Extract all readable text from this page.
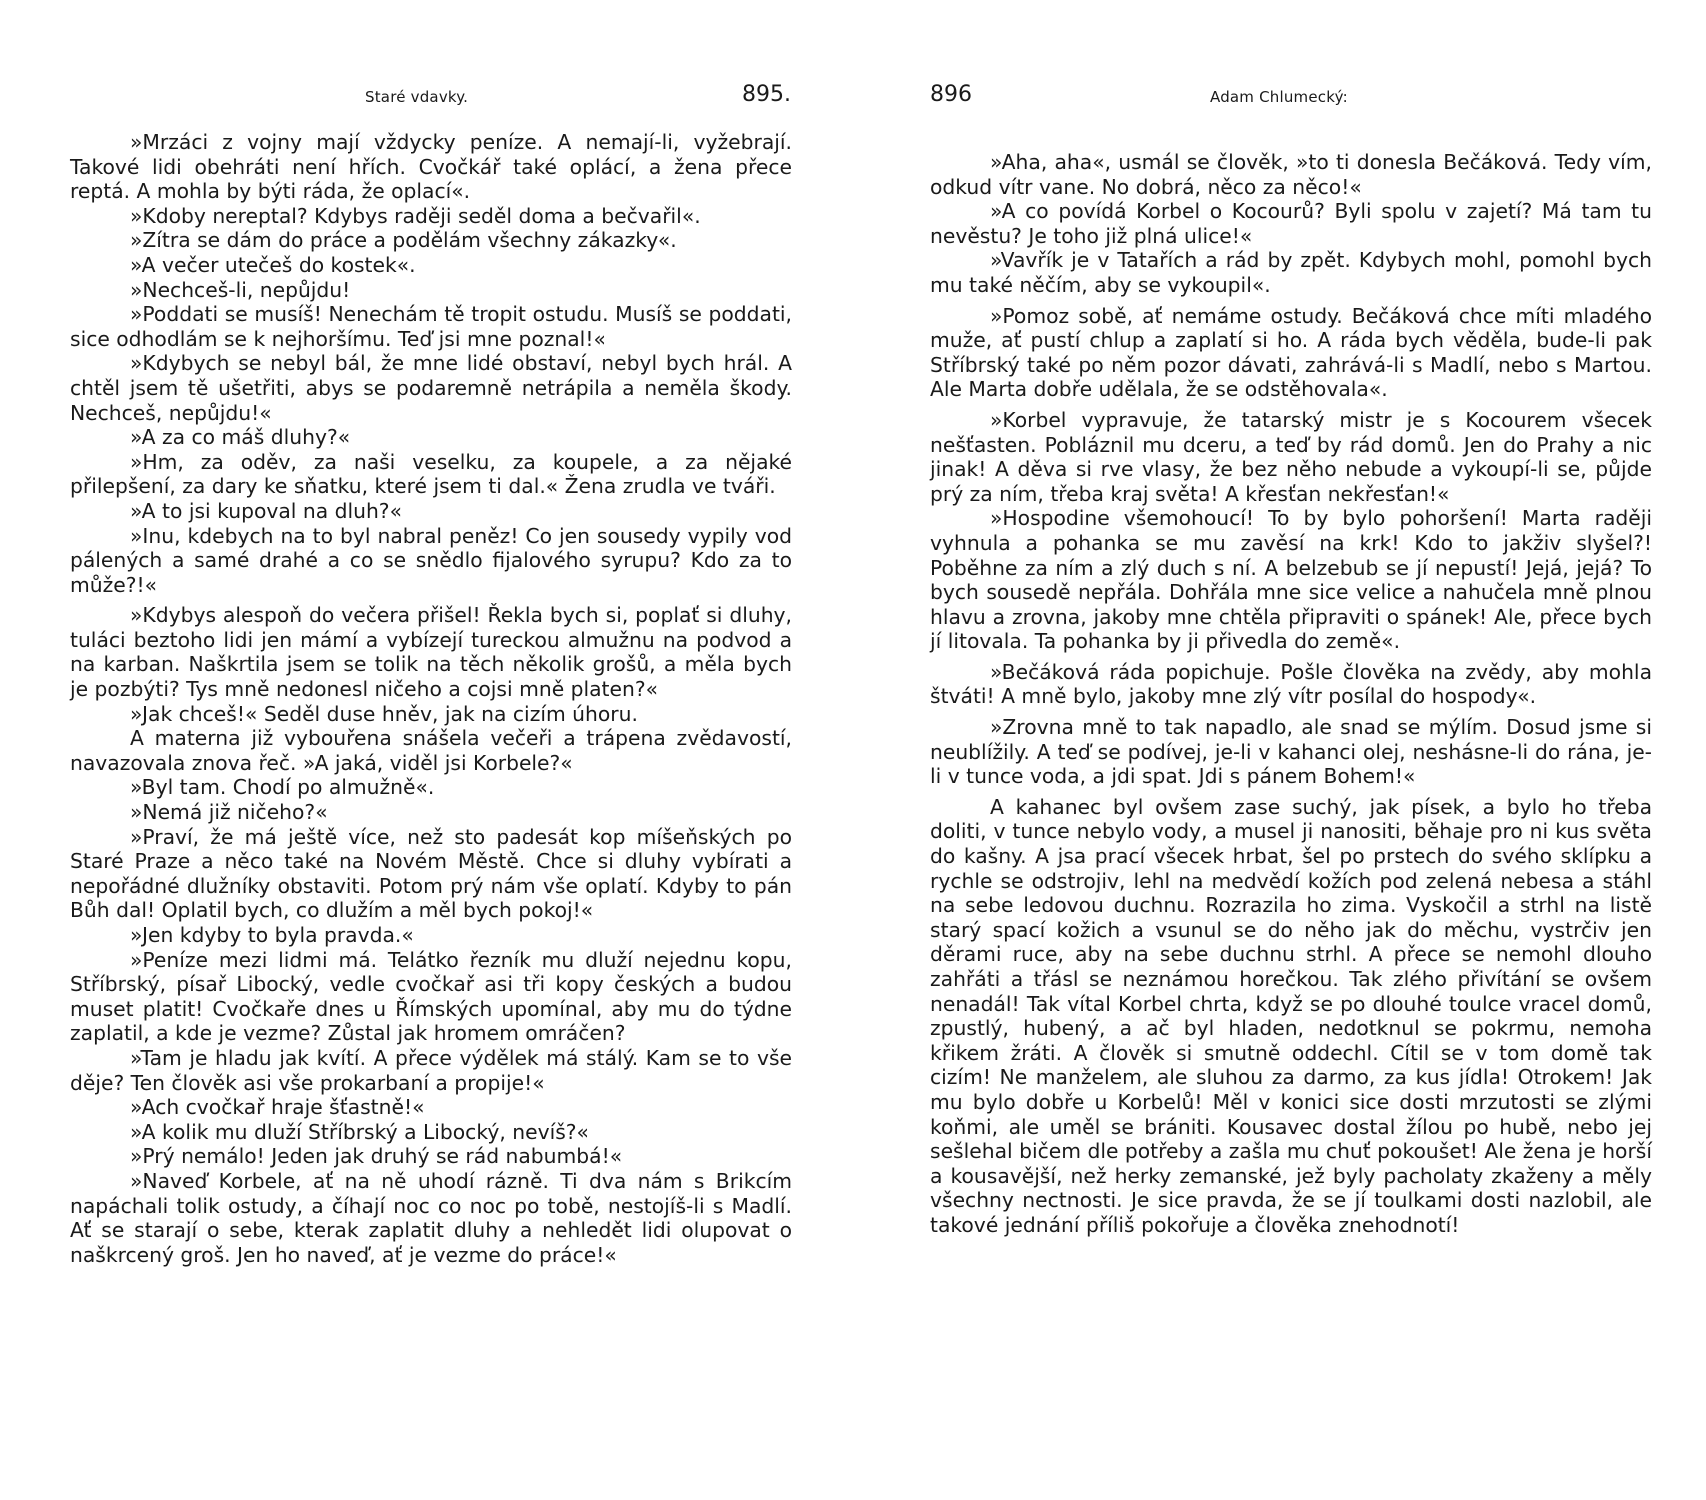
Staré vdavky.	895.

»Mrzáci z vojny mají vždycky peníze. A nemají-li, vyžebrají. Takové lidi obehráti není hřích. Cvočkář také oplácí, a žena přece reptá. A mohla by býti ráda, že oplací«.

»Kdoby nereptal? Kdybys raději seděl doma a bečvařil«.

»Zítra se dám do práce a podělám všechny zákazky«.

»A večer utečeš do kostek«.

»Nechceš-li, nepůjdu!

»Poddati se musíš! Nenechám tě tropit ostudu. Musíš se poddati, sice odhodlám se k nejhoršímu. Teď jsi mne poznal!«

»Kdybych se nebyl bál, že mne lidé obstaví, nebyl bych hrál. A chtěl jsem tě ušetřiti, abys se podaremně netrápila a neměla škody. Nechceš, nepůjdu!«

»A za co máš dluhy?«

»Hm, za oděv, za naši veselku, za koupele, a za nějaké přilepšení, za dary ke sňatku, které jsem ti dal.« Žena zrudla ve tváři.

»A to jsi kupoval na dluh?«

»Inu, kdebych na to byl nabral peněz! Co jen sousedy vypily vod pálených a samé drahé a co se snědlo fijalového syrupu? Kdo za to může?!«

»Kdybys alespoň do večera přišel! Řekla bych si, poplať si dluhy, tuláci beztoho lidi jen mámí a vybízejí tureckou almužnu na podvod a na karban. Naškrtila jsem se tolik na těch několik grošů, a měla bych je pozbýti? Tys mně nedonesl ničeho a cojsi mně platen?«

»Jak chceš!« Seděl duse hněv, jak na cizím úhoru.

A materna již vybouřena snášela večeři a trápena zvědavostí, navazovala znova řeč. »A jaká, viděl jsi Korbele?«

»Byl tam. Chodí po almužně«.

»Nemá již ničeho?«

»Praví, že má ještě více, než sto padesát kop míšeňských po Staré Praze a něco také na Novém Městě. Chce si dluhy vybírati a nepořádné dlužníky obstaviti. Potom prý nám vše oplatí. Kdyby to pán Bůh dal! Oplatil bych, co dlužím a měl bych pokoj!«

»Jen kdyby to byla pravda.«

»Peníze mezi lidmi má. Telátko řezník mu dluží nejednu kopu, Stříbrský, písař Libocký, vedle cvočkař asi tři kopy českých a budou muset platit! Cvočkaře dnes u Římských upomínal, aby mu do týdne zaplatil, a kde je vezme? Zůstal jak hromem omráčen?

»Tam je hladu jak kvítí. A přece výdělek má stálý. Kam se to vše děje? Ten člověk asi vše prokarbaní a propije!«

»Ach cvočkař hraje šťastně!«

»A kolik mu dluží Stříbrský a Libocký, nevíš?«

»Prý nemálo! Jeden jak druhý se rád nabumbá!«

»Naveď Korbele, ať na ně uhodí rázně. Ti dva nám s Brikcím napáchali tolik ostudy, a číhají noc co noc po tobě, nestojíš-li s Madlí. Ať se starají o sebe, kterak zaplatit dluhy a nehledět lidi olupovat o naškrcený groš. Jen ho naveď, ať je vezme do práce!«

896	Adam Chlumecký:

»Aha, aha«, usmál se člověk, »to ti donesla Bečáková. Tedy vím, odkud vítr vane. No dobrá, něco za něco!«

»A co povídá Korbel o Kocourů? Byli spolu v zajetí? Má tam tu nevěstu? Je toho již plná ulice!«

»Vavřík je v Tatařích a rád by zpět. Kdybych mohl, pomohl bych mu také něčím, aby se vykoupil«.

»Pomoz sobě, ať nemáme ostudy. Bečáková chce míti mladého muže, ať pustí chlup a zaplatí si ho. A ráda bych věděla, bude-li pak Stříbrský také po něm pozor dávati, zahrává-li s Madlí, nebo s Martou. Ale Marta dobře udělala, že se odstěhovala«.

»Korbel vypravuje, že tatarský mistr je s Kocourem všecek nešťasten. Pobláznil mu dceru, a teď by rád domů. Jen do Prahy a nic jinak! A děva si rve vlasy, že bez něho nebude a vykoupí-li se, půjde prý za ním, třeba kraj světa! A křesťan nekřesťan!«

»Hospodine všemohoucí! To by bylo pohoršení! Marta raději vyhnula a pohanka se mu zavěsí na krk! Kdo to jakživ slyšel?! Poběhne za ním a zlý duch s ní. A belzebub se jí nepustí! Jejá, jejá? To bych sousedě nepřála. Dohřála mne sice velice a nahučela mně plnou hlavu a zrovna, jakoby mne chtěla připraviti o spánek! Ale, přece bych jí litovala. Ta pohanka by ji přivedla do země«.

»Bečáková ráda popichuje. Pošle člověka na zvědy, aby mohla štváti! A mně bylo, jakoby mne zlý vítr posílal do hospody«.

»Zrovna mně to tak napadlo, ale snad se mýlím. Dosud jsme si neublížily. A teď se podívej, je-li v kahanci olej, neshásne-li do rána, je-li v tunce voda, a jdi spat. Jdi s pánem Bohem!«

A kahanec byl ovšem zase suchý, jak písek, a bylo ho třeba doliti, v tunce nebylo vody, a musel ji nanositi, běhaje pro ni kus světa do kašny. A jsa prací všecek hrbat, šel po prstech do svého sklípku a rychle se odstrojiv, lehl na medvědí kožích pod zelená nebesa a stáhl na sebe ledovou duchnu. Rozrazila ho zima. Vyskočil a strhl na listě starý spací kožich a vsunul se do něho jak do měchu, vystrčiv jen děrami ruce, aby na sebe duchnu strhl. A přece se nemohl dlouho zahřáti a třásl se neznámou horečkou. Tak zlého přivítání se ovšem nenadál! Tak vítal Korbel chrta, když se po dlouhé toulce vracel domů, zpustlý, hubený, a ač byl hladen, nedotknul se pokrmu, nemoha křikem žráti. A člověk si smutně oddechl. Cítil se v tom domě tak cizím! Ne manželem, ale sluhou za darmo, za kus jídla! Otrokem! Jak mu bylo dobře u Korbelů! Měl v konici sice dosti mrzutosti se zlými koňmi, ale uměl se brániti. Kousavec dostal žílou po hubě, nebo jej sešlehal bičem dle potřeby a zašla mu chuť pokoušet! Ale žena je horší a kousavější, než herky zemanské, jež byly pacholaty zkaženy a měly všechny nectnosti. Je sice pravda, že se jí toulkami dosti nazlobil, ale takové jednání příliš pokořuje a člověka znehodnotí!
